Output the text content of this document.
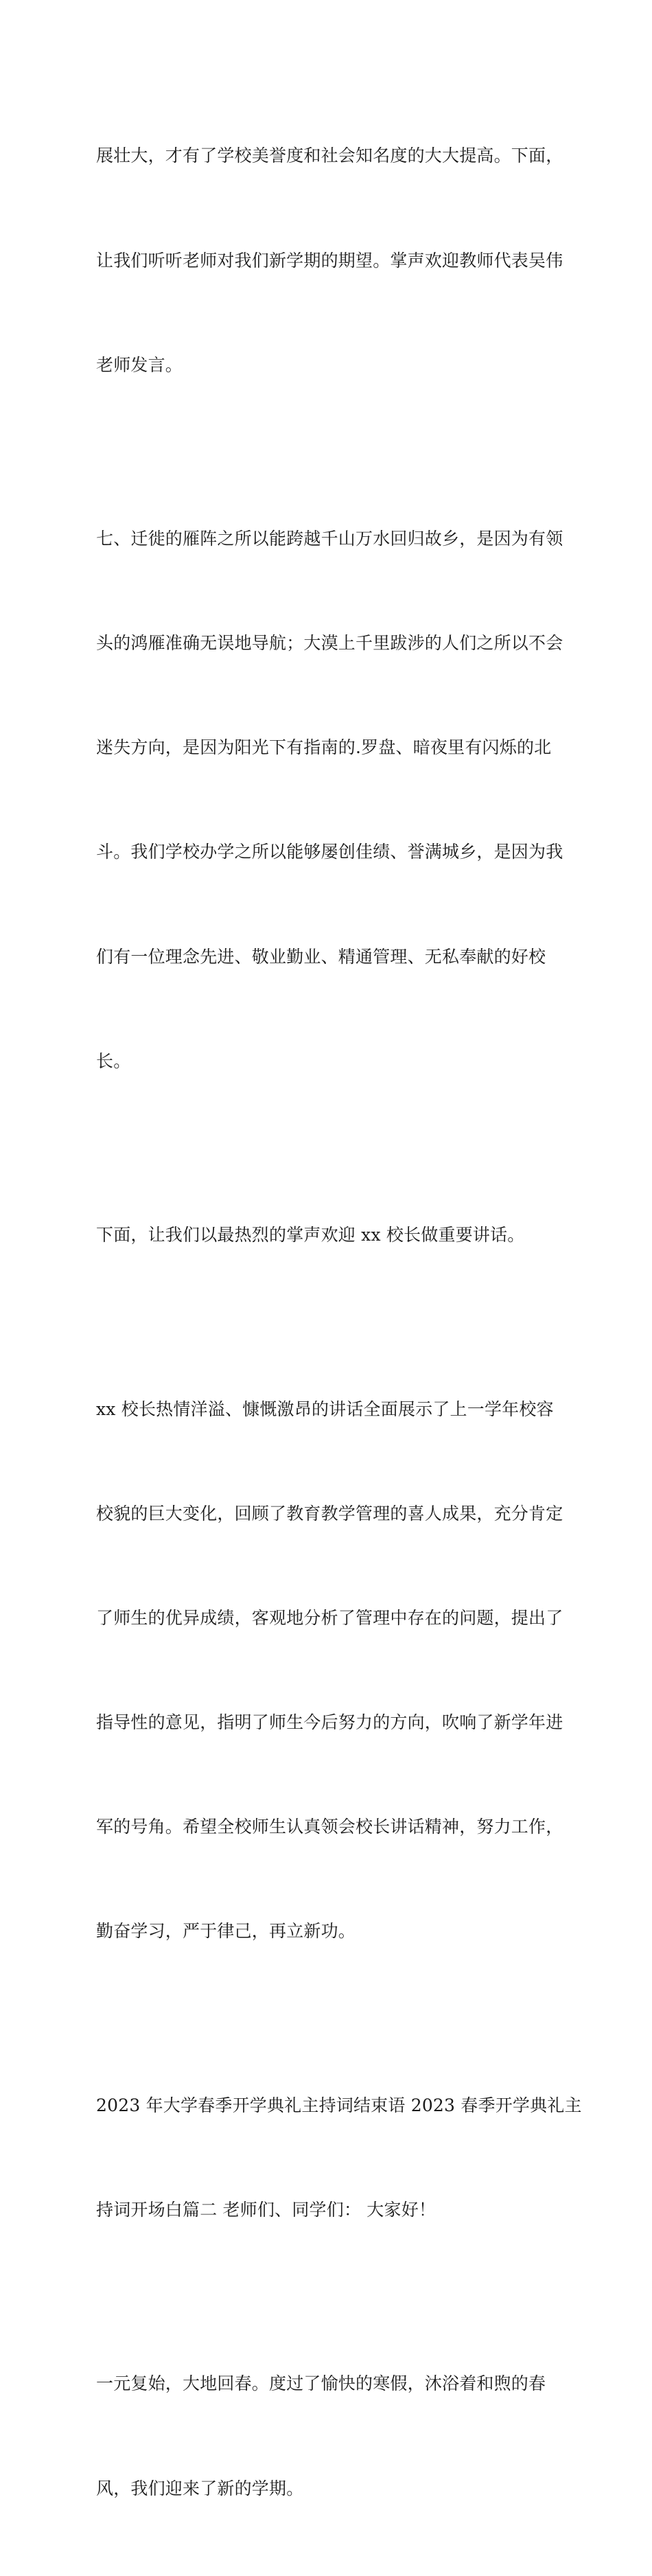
展壮大，才有了学校美誉度和社会知名度的大大提高。下面，

让我们听听老师对我们新学期的期望。掌声欢迎教师代表吴伟

老师发言。

七、迁徙的雁阵之所以能跨越千山万水回归故乡，是因为有领

头的鸿雁准确无误地导航；大漠上千里跋涉的人们之所以不会

迷失方向，是因为阳光下有指南的.罗盘、暗夜里有闪烁的北

斗。我们学校办学之所以能够屡创佳绩、誉满城乡，是因为我

们有一位理念先进、敬业勤业、精通管理、无私奉献的好校

长。

下面，让我们以最热烈的掌声欢迎 xx 校长做重要讲话。

xx 校长热情洋溢、慷慨激昂的讲话全面展示了上一学年校容

校貌的巨大变化，回顾了教育教学管理的喜人成果，充分肯定

了师生的优异成绩，客观地分析了管理中存在的问题，提出了

指导性的意见，指明了师生今后努力的方向，吹响了新学年进

军的号角。希望全校师生认真领会校长讲话精神，努力工作，

勤奋学习，严于律己，再立新功。

2023 年大学春季开学典礼主持词结束语 2023 春季开学典礼主

持词开场白篇二 老师们、同学们： 大家好！

一元复始，大地回春。度过了愉快的寒假，沐浴着和煦的春

风，我们迎来了新的学期。
